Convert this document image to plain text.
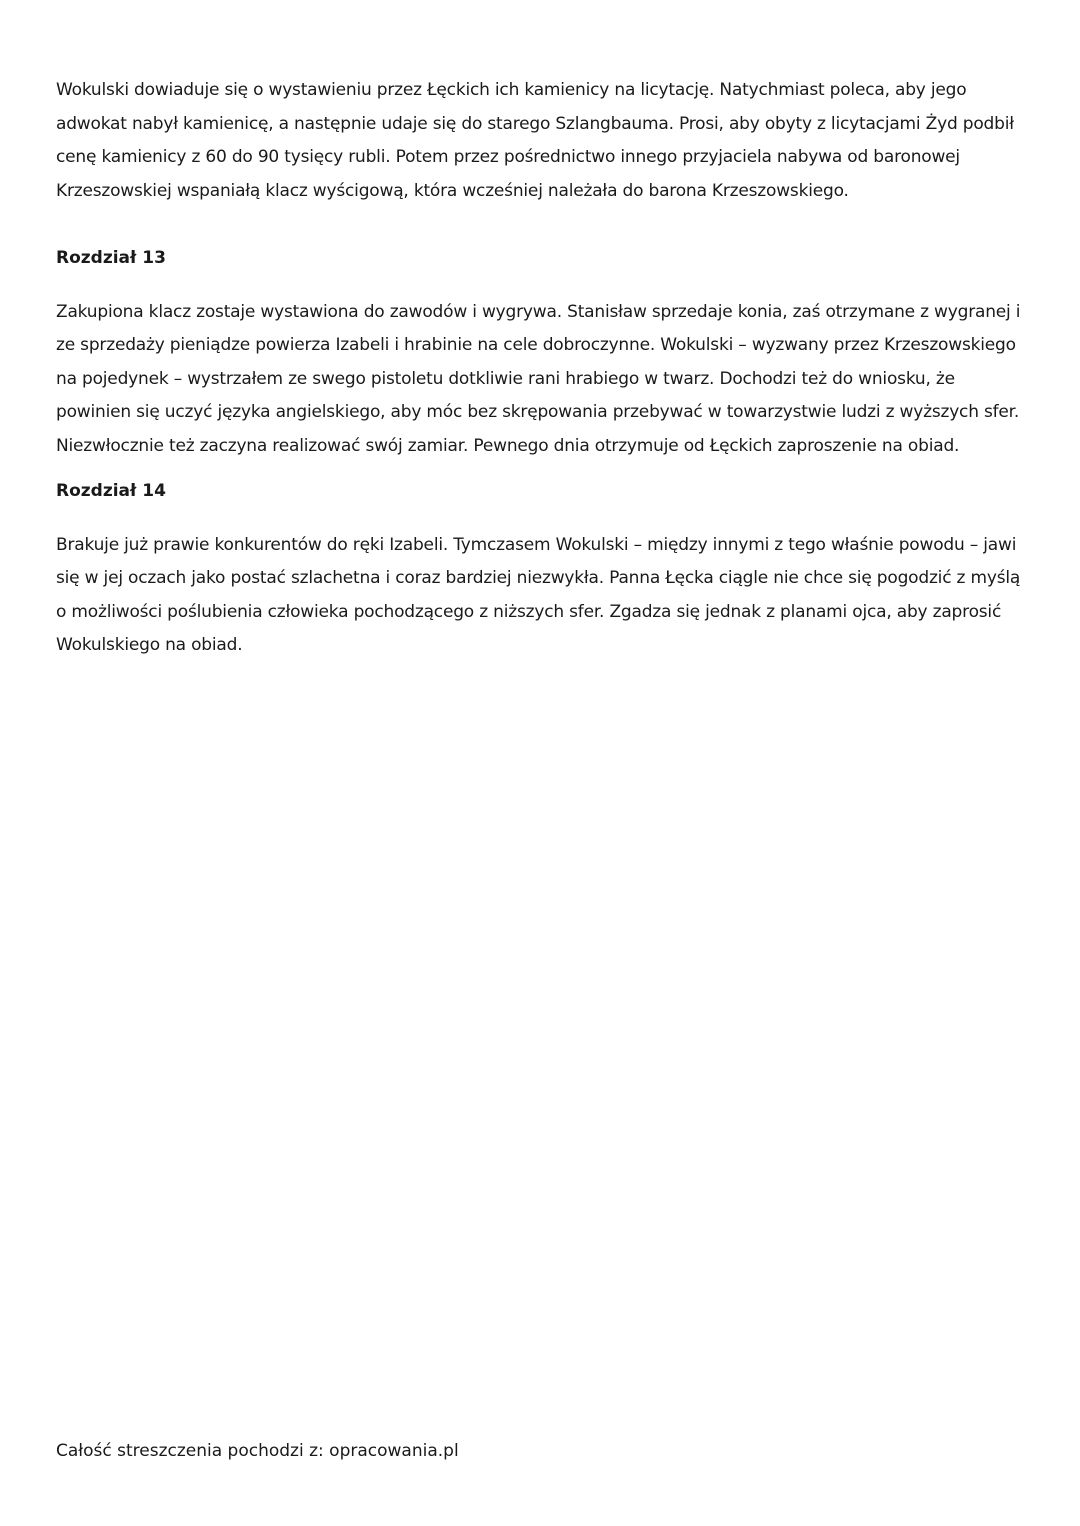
Wokulski dowiaduje się o wystawieniu przez Łęckich ich kamienicy na licytację. Natychmiast poleca, aby jego adwokat nabył kamienicę, a następnie udaje się do starego Szlangbauma. Prosi, aby obyty z licytacjami Żyd podbił cenę kamienicy z 60 do 90 tysięcy rubli. Potem przez pośrednictwo innego przyjaciela nabywa od baronowej Krzeszowskiej wspaniałą klacz wyścigową, która wcześniej należała do barona Krzeszowskiego.

Rozdział 13

Zakupiona klacz zostaje wystawiona do zawodów i wygrywa. Stanisław sprzedaje konia, zaś otrzymane z wygranej i ze sprzedaży pieniądze powierza Izabeli i hrabinie na cele dobroczynne. Wokulski – wyzwany przez Krzeszowskiego na pojedynek – wystrzałem ze swego pistoletu dotkliwie rani hrabiego w twarz. Dochodzi też do wniosku, że powinien się uczyć języka angielskiego, aby móc bez skrępowania przebywać w towarzystwie ludzi z wyższych sfer. Niezwłocznie też zaczyna realizować swój zamiar. Pewnego dnia otrzymuje od Łęckich zaproszenie na obiad.

Rozdział 14

Brakuje już prawie konkurentów do ręki Izabeli. Tymczasem Wokulski – między innymi z tego właśnie powodu – jawi się w jej oczach jako postać szlachetna i coraz bardziej niezwykła. Panna Łęcka ciągle nie chce się pogodzić z myślą o możliwości poślubienia człowieka pochodzącego z niższych sfer. Zgadza się jednak z planami ojca, aby zaprosić Wokulskiego na obiad.

Całość streszczenia pochodzi z: opracowania.pl
